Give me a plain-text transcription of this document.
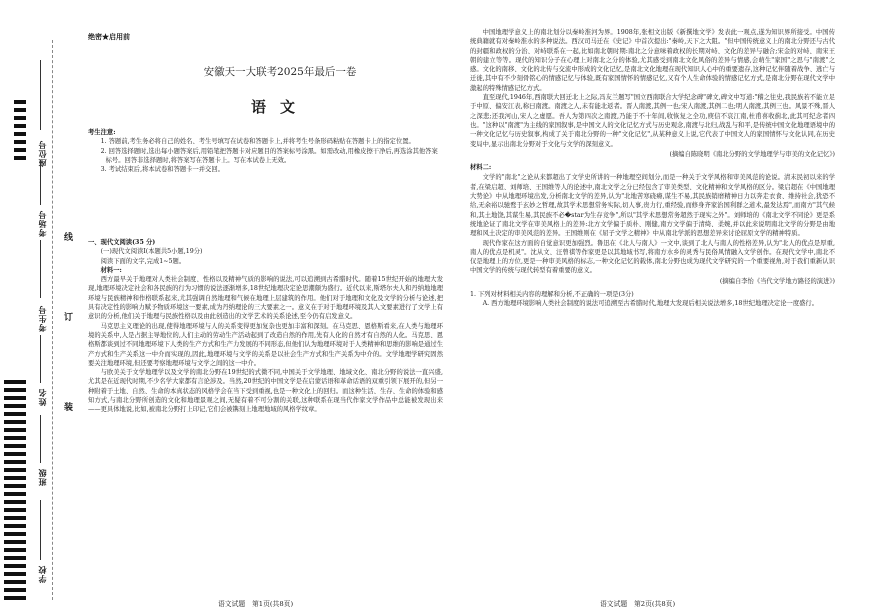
座位号
考场号
考生号
姓名
班级
学校
线
订
装
绝密★启用前
安徽天一大联考2025年最后一卷
语文
考生注意:
1. 答题前,考生务必将自己的姓名、考生号填写在试卷和答题卡上,并将考生号条形码粘贴在答题卡上的指定位置。
2. 回答选择题时,选出每小题答案后,用铅笔把答题卡对应题目的答案标号涂黑。如需改动,用橡皮擦干净后,再选涂其他答案标号。回答非选择题时,将答案写在答题卡上。写在本试卷上无效。
3. 考试结束后,将本试卷和答题卡一并交回。
一、现代文阅读(35 分)
(一)现代文阅读Ⅰ(本题共5小题,19分)
阅读下面的文字,完成1~5题。
材料一:

西方最早关于地理对人类社会制度、性格以及精神气质的影响的说法,可以追溯到古希腊时代。随着15世纪开始的地理大发现,地理环境决定社会和各民族的行为习惯的说法逐渐增多,18世纪地理决定论思潮颇为盛行。近代以来,斯塔尔夫人和丹纳地地理环境与民族精神和作格联系起来,尤其强调自然地理和气候在地理上层建筑的作用。他们对于地理和文化及文学的分析与论述,把具有决定性的影响力赋予物质环境这一要素,成为丹纳理论的三大要素之一。意义在于对于地理环境及其人文要素进行了文学上有意识的分析,他们关于地理与民族性格以及由此创造出的文学艺术的关系论述,至今仍有启发意义。

马克思主义理论的出现,使得地理环境与人的关系变得更加复杂也更加丰富和深刻。在马克思、恩格斯看来,在人类与地理环境的关系中,人是占据主导地位的,人们主动的劳动生产活动起到了改造自然的作用,先有人化的自然才有自然的人化。马克思、恩格斯都谈到过不同地理环境下人类的生产方式和生产力发展的不同形态,但他们认为地理环境对于人类精神和思维的影响是通过生产方式和生产关系这一中介而实现的,因此,地理环境与文学的关系是以社会生产方式和生产关系为中介的。文学地理学研究固然要关注地理环境,但还要考察地理环境与文学之间的这一中介。

与欧美关于文学地理学以及文学的南北分野在19世纪的式微不同,中国关于文学地理、地域文化、南北分野的说法一直兴盛,尤其是在近现代时期,不少名学大家都有言论涉及。当然,20世纪的中国文学是在启蒙话语和革命话语的双重引领下展开的,但另一种附着于土地、自然、生命的本真状态的风格学会在当下受到重视,也是一种文化上的回归。而这种生活、生存、生命的体验和感知方式,与南北分野所创造的文化和地理景观之间,无疑有着不可分割的关联,这种联系在现当代作家文学作品中总能被发现出来——更具体地说,比如,被南北分野打上印记,它们会被镌刻上地理地域的风格学纹章。

语文试题　第1页(共8页)

中国地理学意义上的南北划分以秦岭淮河为界。1908年,张相文出版《新撰地文学》发表此一观点,遂为知识界所接受。中国传统典籍就有对秦岭淮水的多种说法。西汉司马迁在《史记》中首次提出:"秦岭,天下之大阻。"但中国传统意义上的南北分野还与古代的封疆和政权的分治、对峙联系在一起,比如南北朝时期:南北之分意味着政权的长期对峙、文化的差异与融合;宋金的对峙、南宋王朝的建立等等。现代的知识分子在心理上对南北之分的体验,尤其感受到南北文化风俗的差异与情感,会萌生"家国"之思与"南渡"之感。文化的南移、文化的北传与交流中形成的文化记忆,是南北文化地理在现代知识人心中的重要遗存,这种记忆伴随着战争、逃亡与迁徙,其中有不少刻骨铭心的情感记忆与体验,既有家国情怀的情感记忆,又有个人生命体验的情感记忆方式,是南北分野在现代文学中激起的特殊情感记忆方式。

直至现代,1946年,西南联大回迁北上之际,冯友兰题写"国立西南联合大学纪念碑"碑文,碑文中写道:"稽之往史,我民族若不能立足于中原、偏安江表,称曰南渡。南渡之人,未有能北返者。晋人南渡,其例一也;宋人南渡,其例二也;明人南渡,其例三也。风景不殊,晋人之深悲;还我河山,宋人之虚愿。吾人为第四次之南渡,乃能于不十年间,收恢复之全功,庾信不哀江南,杜甫喜收蓟北,此其可纪念者四也。"这种以"南渡"为主线的家国叙事,是中国文人的文化记忆方式与历史观念,南渡与北归,战乱与和平,是传统中国文化地理语境中的一种文化记忆与历史叙事,构成了关于南北分野的一种"文化记忆",从某种意义上说,它代表了中国文人的家国情怀与文化认同,在历史变局中,显示出南北分野对于文化与文学的深刻意义。

(摘编自陈晓明《南北分野的文学地理学与审美的文化记忆》)
材料二:

文学的"南北"之论从来都超出了文学史所讲的一种地理空间划分,而是一种关于文学风格和审美风范的论说。清末民初以来的学者,在梁启超、刘师培、王国维等人的论述中,南北文学之分已经包含了审美类型、文化精神和文学风格的区分。梁启超在《中国地理大势论》中从地理环境出发,分析南北文学的差异,认为"北地苦寒硗瘠,谋生不易,其民族销磨精神日力以奔走衣食、维持社会,犹恐不给,无余裕以驰鹜于玄妙之哲理,故其学术思想常务实际,切人事,贵力行,重经验,而修身齐家治国利群之道术,最发达焉",而南方"其气候和,其土地饶,其谋生易,其民族不必�star为生存竞争",所以"其学术思想常务超然于现实之外"。刘师培的《南北文学不同论》更是系统地论证了南北文学在审美风格上的差异:北方文学偏于质朴、刚健,南方文学偏于清绮、柔婉,并以此来说明南北文学的分野是由地理和风土决定的审美风范的差异。王国维则在《屈子文学之精神》中从南北学派的思想差异来讨论屈原文学的精神特质。

现代作家在这方面的自觉意识更加强烈。鲁迅在《北人与南人》一文中,谈到了北人与南人的性格差异,认为"北人的优点是厚重,南人的优点是机灵"。沈从文、汪曾祺等作家更是以其地域书写,将南方水乡的灵秀与民俗风情融入文学创作。在现代文学中,南北不仅是地理上的方位,更是一种审美风格的标志,一种文化记忆的载体,南北分野也成为现代文学研究的一个重要视角,对于我们重新认识中国文学的传统与现代转型有着重要的意义。

(摘编自李怡《当代文学地方路径的演进》)
1. 下列对材料相关内容的理解和分析,不正确的一项是(3分)
A. 西方地理环境影响人类社会制度的说法可追溯至古希腊时代,地理大发现后相关说法增多,18世纪地理决定论一度盛行。
语文试题　第2页(共8页)
